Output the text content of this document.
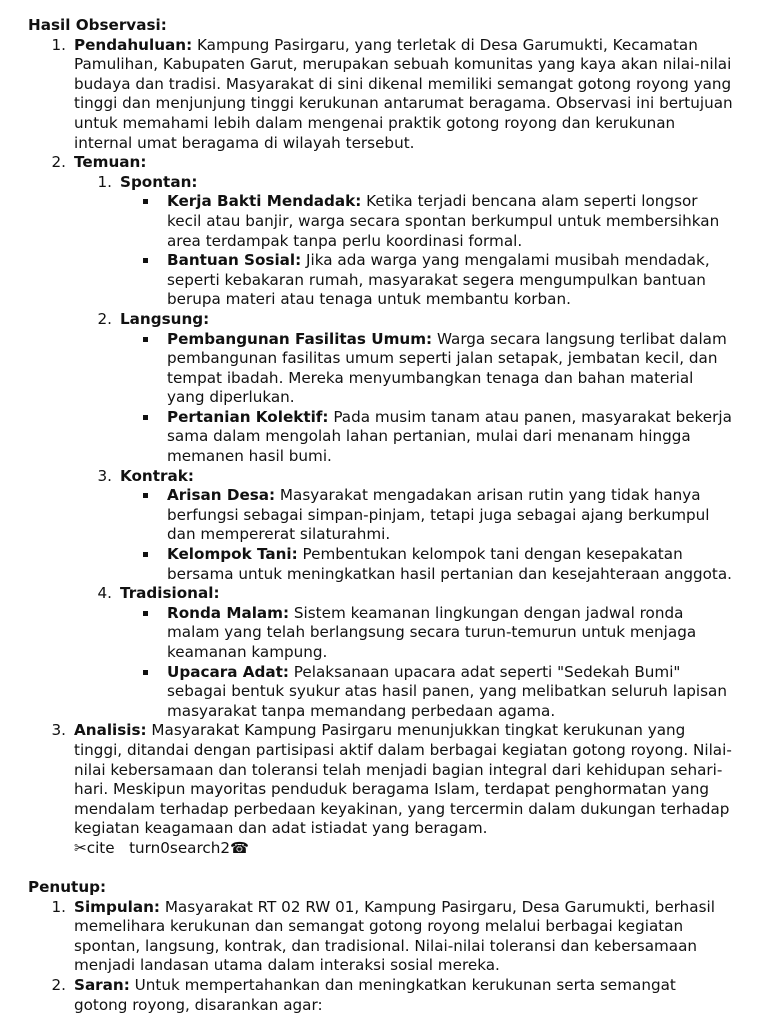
Hasil Observasi:
1. Pendahuluan: Kampung Pasirgaru, yang terletak di Desa Garumukti, Kecamatan Pamulihan, Kabupaten Garut, merupakan sebuah komunitas yang kaya akan nilai-nilai budaya dan tradisi. Masyarakat di sini dikenal memiliki semangat gotong royong yang tinggi dan menjunjung tinggi kerukunan antarumat beragama. Observasi ini bertujuan untuk memahami lebih dalam mengenai praktik gotong royong dan kerukunan internal umat beragama di wilayah tersebut.
2. Temuan:
1. Spontan:
Kerja Bakti Mendadak: Ketika terjadi bencana alam seperti longsor kecil atau banjir, warga secara spontan berkumpul untuk membersihkan area terdampak tanpa perlu koordinasi formal.
Bantuan Sosial: Jika ada warga yang mengalami musibah mendadak, seperti kebakaran rumah, masyarakat segera mengumpulkan bantuan berupa materi atau tenaga untuk membantu korban.
2. Langsung:
Pembangunan Fasilitas Umum: Warga secara langsung terlibat dalam pembangunan fasilitas umum seperti jalan setapak, jembatan kecil, dan tempat ibadah. Mereka menyumbangkan tenaga dan bahan material yang diperlukan.
Pertanian Kolektif: Pada musim tanam atau panen, masyarakat bekerja sama dalam mengolah lahan pertanian, mulai dari menanam hingga memanen hasil bumi.
3. Kontrak:
Arisan Desa: Masyarakat mengadakan arisan rutin yang tidak hanya berfungsi sebagai simpan-pinjam, tetapi juga sebagai ajang berkumpul dan mempererat silaturahmi.
Kelompok Tani: Pembentukan kelompok tani dengan kesepakatan bersama untuk meningkatkan hasil pertanian dan kesejahteraan anggota.
4. Tradisional:
Ronda Malam: Sistem keamanan lingkungan dengan jadwal ronda malam yang telah berlangsung secara turun-temurun untuk menjaga keamanan kampung.
Upacara Adat: Pelaksanaan upacara adat seperti "Sedekah Bumi" sebagai bentuk syukur atas hasil panen, yang melibatkan seluruh lapisan masyarakat tanpa memandang perbedaan agama.
3. Analisis: Masyarakat Kampung Pasirgaru menunjukkan tingkat kerukunan yang tinggi, ditandai dengan partisipasi aktif dalam berbagai kegiatan gotong royong. Nilai-nilai kebersamaan dan toleransi telah menjadi bagian integral dari kehidupan sehari-hari. Meskipun mayoritas penduduk beragama Islam, terdapat penghormatan yang mendalam terhadap perbedaan keyakinan, yang tercermin dalam dukungan terhadap kegiatan keagamaan dan adat istiadat yang beragam.
✂cite   turn0search2☎
Penutup:
1. Simpulan: Masyarakat RT 02 RW 01, Kampung Pasirgaru, Desa Garumukti, berhasil memelihara kerukunan dan semangat gotong royong melalui berbagai kegiatan spontan, langsung, kontrak, dan tradisional. Nilai-nilai toleransi dan kebersamaan menjadi landasan utama dalam interaksi sosial mereka.
2. Saran: Untuk mempertahankan dan meningkatkan kerukunan serta semangat gotong royong, disarankan agar:
